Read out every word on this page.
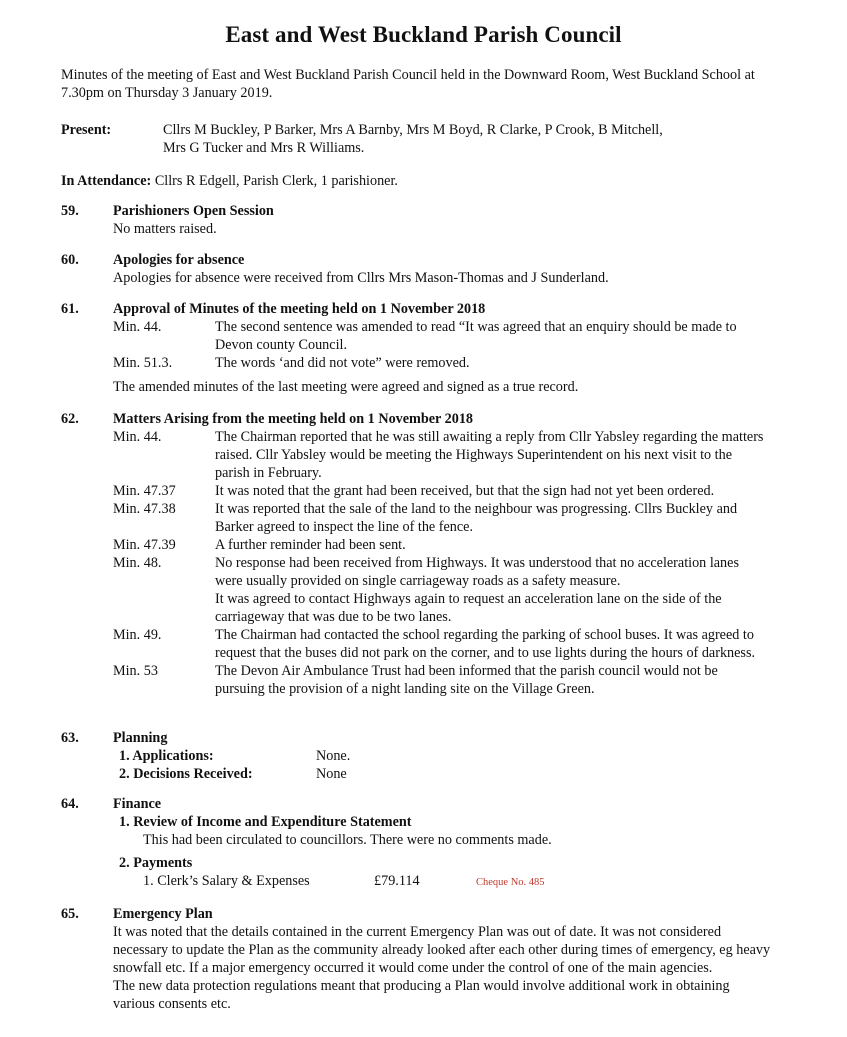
East and West Buckland Parish Council
Minutes of the meeting of East and West Buckland Parish Council held in the Downward Room, West Buckland School at 7.30pm on Thursday 3 January 2019.
Present:	Cllrs M Buckley, P Barker, Mrs A Barnby, Mrs M Boyd, R Clarke, P Crook, B Mitchell,
Mrs G Tucker and Mrs R Williams.
In Attendance: Cllrs R Edgell, Parish Clerk, 1 parishioner.
59. Parishioners Open Session
No matters raised.
60. Apologies for absence
Apologies for absence were received from Cllrs Mrs Mason-Thomas and J Sunderland.
61. Approval of Minutes of the meeting held on 1 November 2018
Min. 44.	The second sentence was amended to read “It was agreed that an enquiry should be made to Devon county Council.
Min. 51.3.	The words ‘and did not vote” were removed.
The amended minutes of the last meeting were agreed and signed as a true record.
62. Matters Arising from the meeting held on 1 November 2018
Min. 44.	The Chairman reported that he was still awaiting a reply from Cllr Yabsley regarding the matters raised. Cllr Yabsley would be meeting the Highways Superintendent on his next visit to the parish in February.
Min. 47.37	It was noted that the grant had been received, but that the sign had not yet been ordered.
Min. 47.38	It was reported that the sale of the land to the neighbour was progressing. Cllrs Buckley and Barker agreed to inspect the line of the fence.
Min. 47.39	A further reminder had been sent.
Min. 48.	No response had been received from Highways. It was understood that no acceleration lanes were usually provided on single carriageway roads as a safety measure.
It was agreed to contact Highways again to request an acceleration lane on the side of the carriageway that was due to be two lanes.
Min. 49.	The Chairman had contacted the school regarding the parking of school buses. It was agreed to request that the buses did not park on the corner, and to use lights during the hours of darkness.
Min. 53	The Devon Air Ambulance Trust had been informed that the parish council would not be pursuing the provision of a night landing site on the Village Green.
63. Planning
1. Applications:	None.
2. Decisions Received:	None
64. Finance
1. Review of Income and Expenditure Statement
This had been circulated to councillors. There were no comments made.
2. Payments
1. Clerk’s Salary & Expenses	£79.114	Cheque No. 485
65. Emergency Plan
It was noted that the details contained in the current Emergency Plan was out of date. It was not considered necessary to update the Plan as the community already looked after each other during times of emergency, eg heavy snowfall etc. If a major emergency occurred it would come under the control of one of the main agencies.
The new data protection regulations meant that producing a Plan would involve additional work in obtaining various consents etc.
